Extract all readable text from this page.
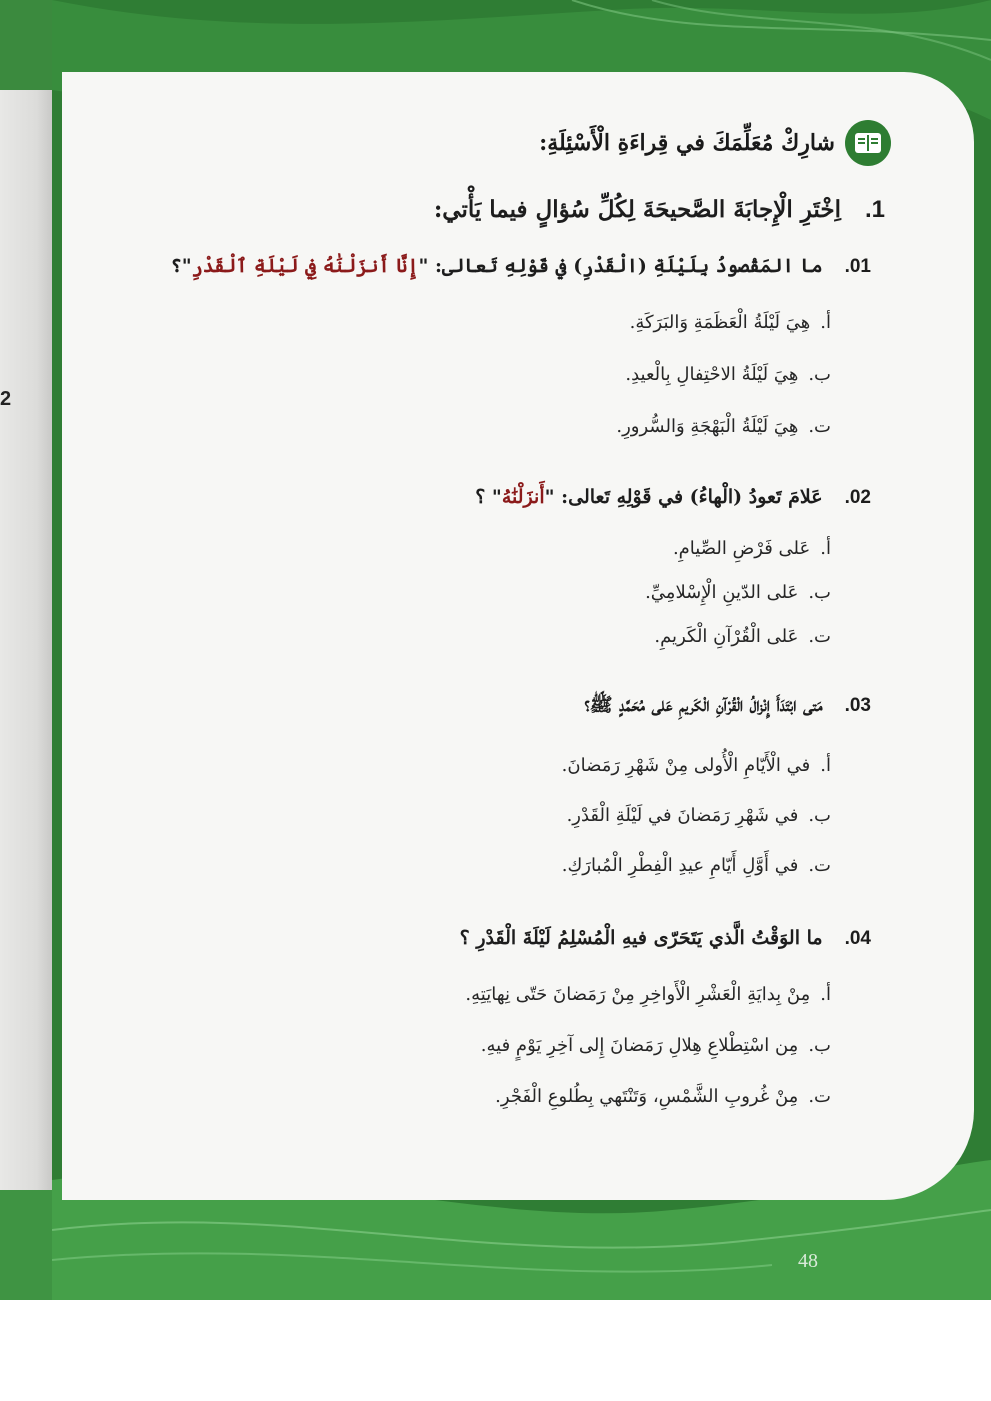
2
48
شارِكْ مُعَلِّمَكَ في قِراءَةِ الْأَسْئِلَةِ:
1.اِخْتَرِ الْإِجابَةَ الصَّحيحَةَ لِكُلِّ سُؤالٍ فيما يَأْتي:
01.ما المَقْصودُ بِلَيْلَةِ (الْقَدْرِ) في قَوْلِهِ تَعالى: "إِنَّا أَنزَلْنَٰهُ فِي لَيْلَةِ ٱلْقَدْرِ"؟
أ.هِيَ لَيْلَةُ الْعَظَمَةِ وَالبَرَكَةِ.
ب.هِيَ لَيْلَةُ الاحْتِفالِ بِالْعيدِ.
ت.هِيَ لَيْلَةُ الْبَهْجَةِ وَالسُّرورِ.
02.عَلامَ تَعودُ (الْهاءُ) في قَوْلِهِ تَعالى: "أَنزَلْنَٰهُ" ؟
أ.عَلى فَرْضِ الصِّيامِ.
ب.عَلى الدّينِ الْإِسْلامِيِّ.
ت.عَلى الْقُرْآنِ الْكَريمِ.
03.مَتى ابْتَدَأَ إِنْزالُ الْقُرْآنِ الْكَريمِ عَلى مُحَمَّدٍ ﷺ؟
أ.في الْأَيّامِ الْأُولى مِنْ شَهْرِ رَمَضانَ.
ب.في شَهْرِ رَمَضانَ في لَيْلَةِ الْقَدْرِ.
ت.في أَوَّلِ أَيّامِ عيدِ الْفِطْرِ الْمُبارَكِ.
04.ما الوَقْتُ الَّذي يَتَحَرّى فيهِ الْمُسْلِمُ لَيْلَةَ الْقَدْرِ ؟
أ.مِنْ بِدايَةِ الْعَشْرِ الْأَواخِرِ مِنْ رَمَضانَ حَتّى نِهايَتِهِ.
ب.مِن اسْتِطْلاعِ هِلالِ رَمَضانَ إِلى آخِرِ يَوْمٍ فيهِ.
ت.مِنْ غُروبِ الشَّمْسِ، وَتَنْتَهي بِطُلوعِ الْفَجْرِ.
